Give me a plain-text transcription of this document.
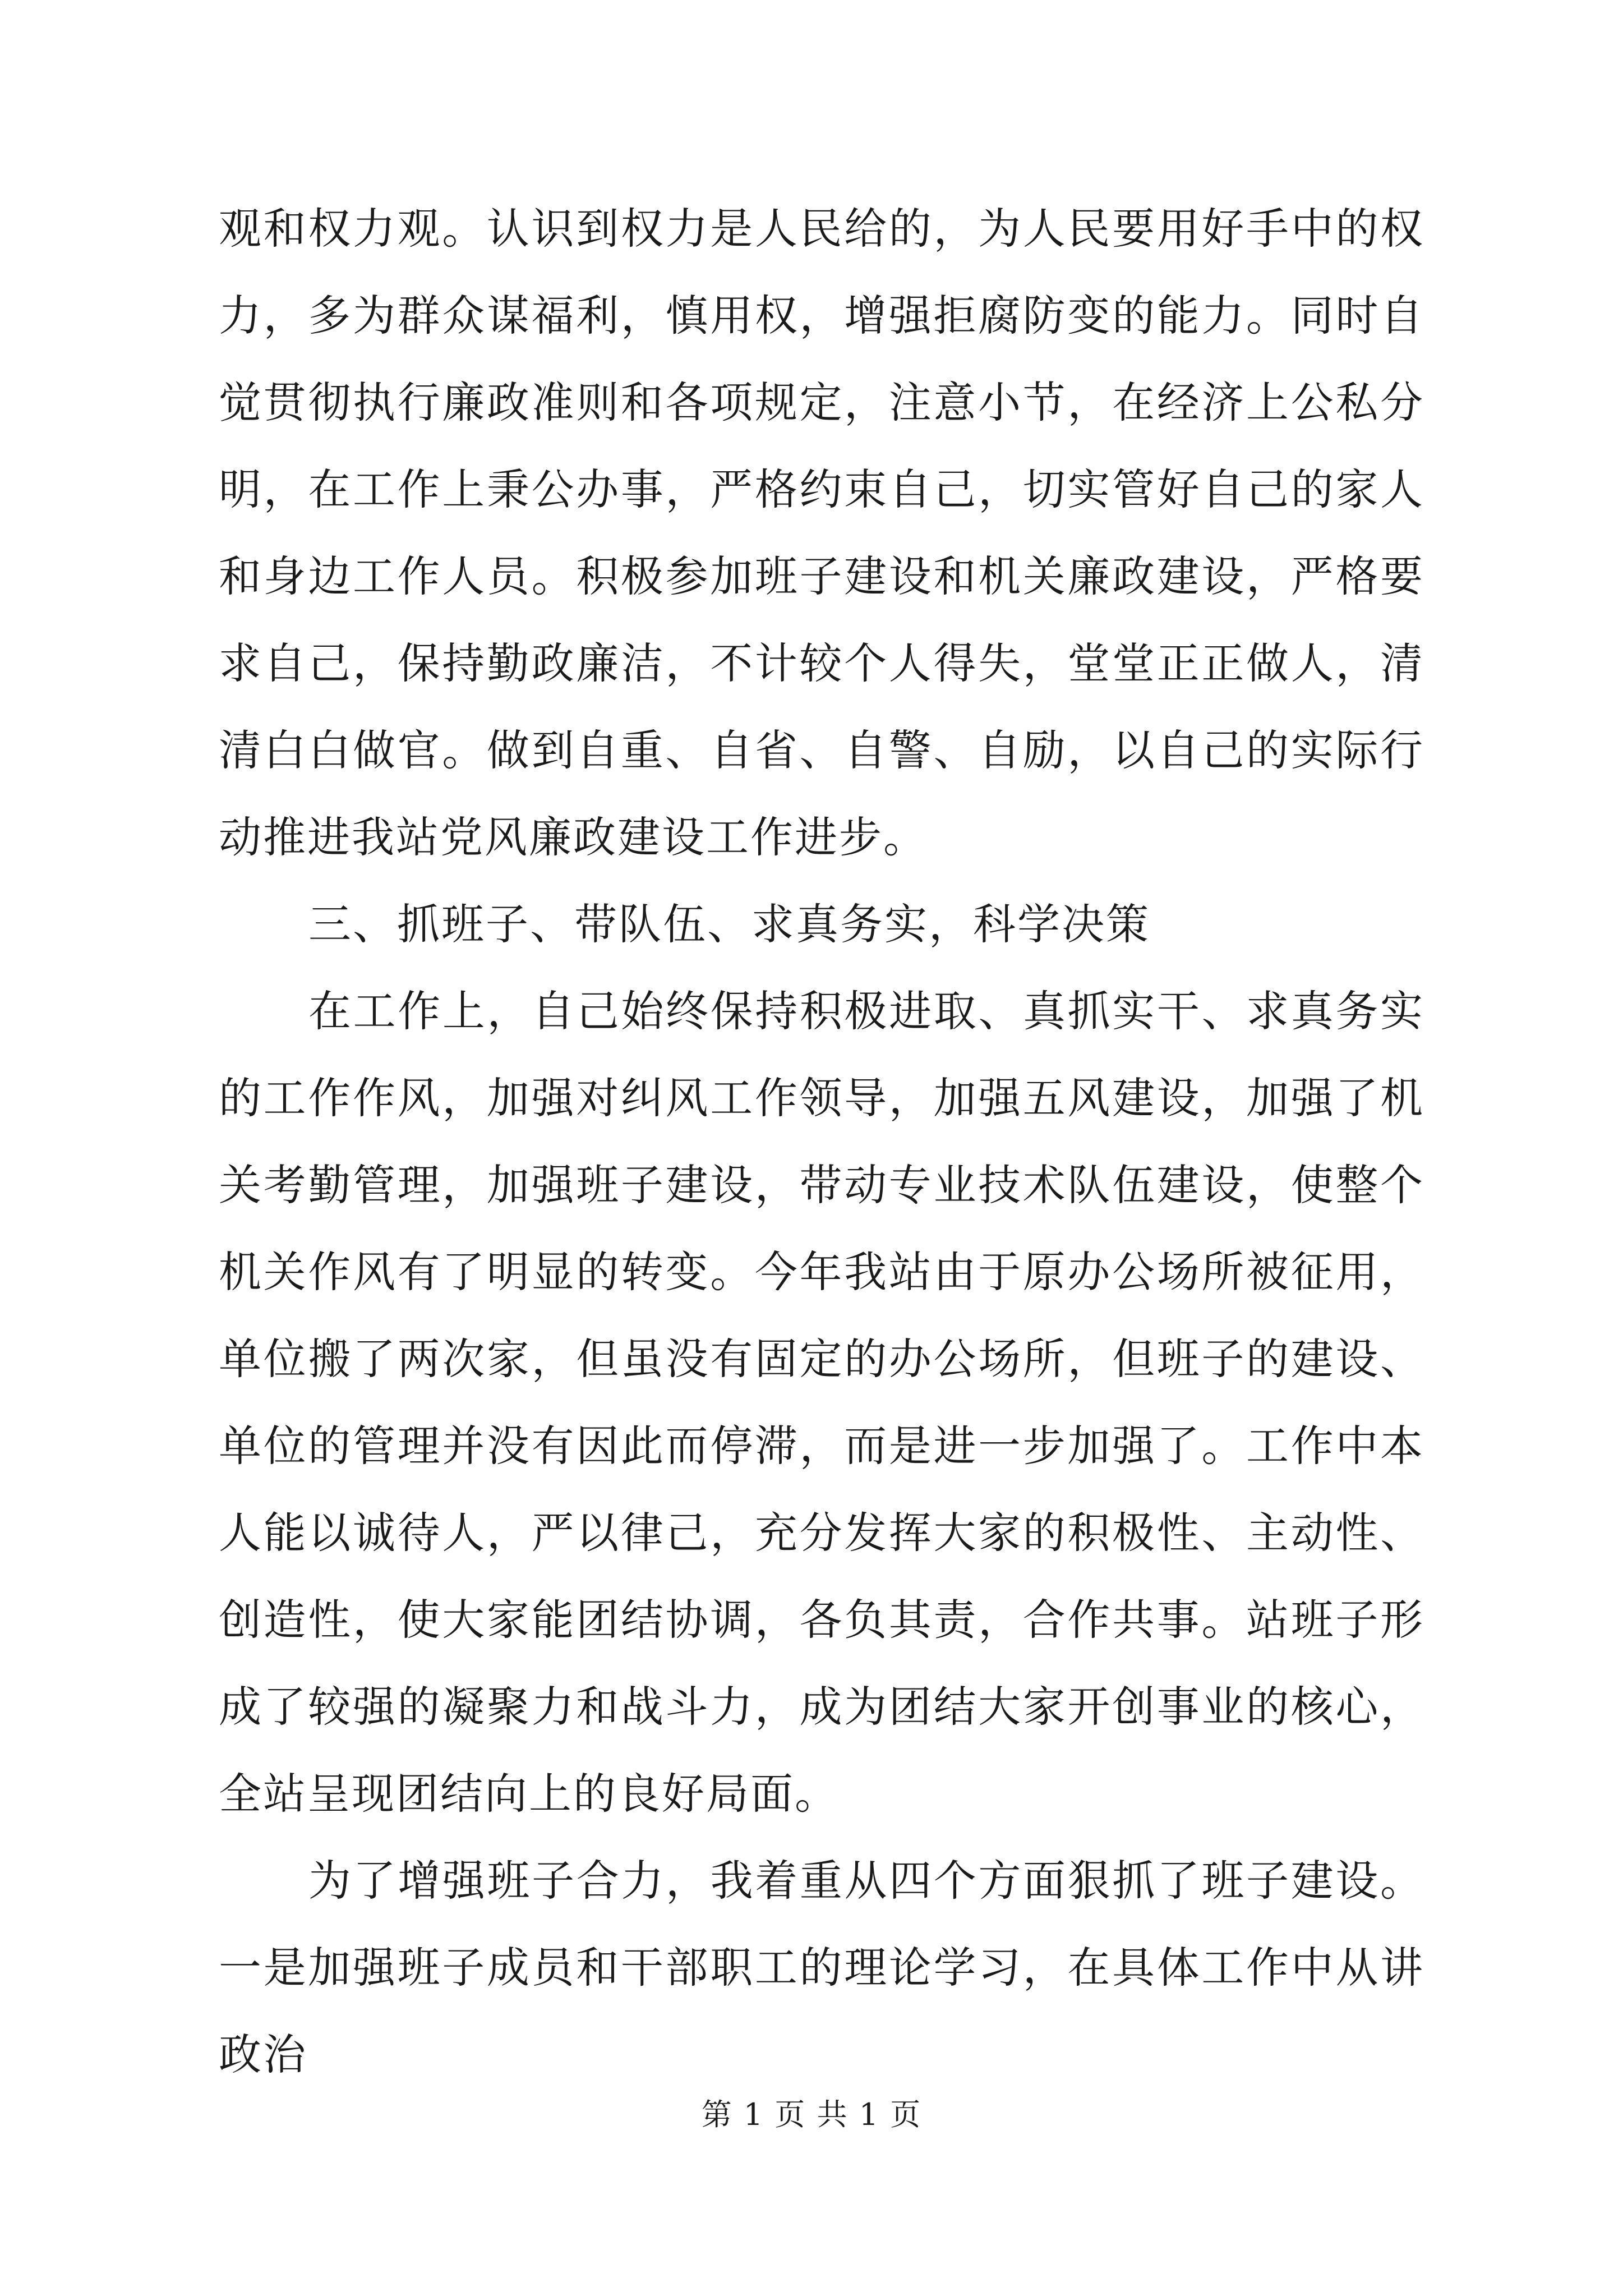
观和权力观。认识到权力是人民给的，为人民要用好手中的权力，多为群众谋福利，慎用权，增强拒腐防变的能力。同时自觉贯彻执行廉政准则和各项规定，注意小节，在经济上公私分明，在工作上秉公办事，严格约束自己，切实管好自己的家人和身边工作人员。积极参加班子建设和机关廉政建设，严格要求自己，保持勤政廉洁，不计较个人得失，堂堂正正做人，清清白白做官。做到自重、自省、自警、自励，以自己的实际行动推进我站党风廉政建设工作进步。

三、抓班子、带队伍、求真务实，科学决策

在工作上，自己始终保持积极进取、真抓实干、求真务实的工作作风，加强对纠风工作领导，加强五风建设，加强了机关考勤管理，加强班子建设，带动专业技术队伍建设，使整个机关作风有了明显的转变。今年我站由于原办公场所被征用，单位搬了两次家，但虽没有固定的办公场所，但班子的建设、单位的管理并没有因此而停滞，而是进一步加强了。工作中本人能以诚待人，严以律己，充分发挥大家的积极性、主动性、创造性，使大家能团结协调，各负其责，合作共事。站班子形成了较强的凝聚力和战斗力，成为团结大家开创事业的核心，全站呈现团结向上的良好局面。

为了增强班子合力，我着重从四个方面狠抓了班子建设。一是加强班子成员和干部职工的理论学习，在具体工作中从讲政治

第 1 页 共 1 页
